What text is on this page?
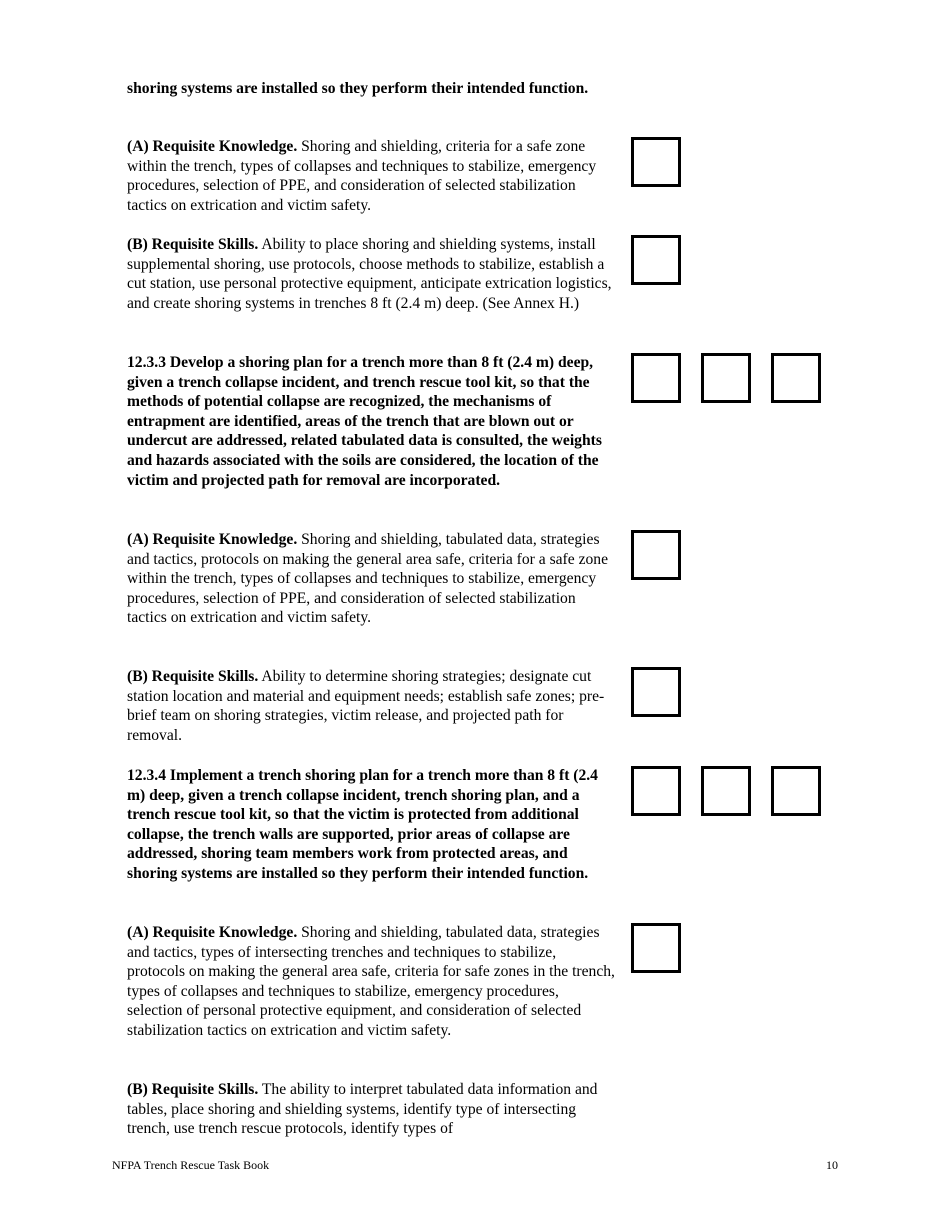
shoring systems are installed so they perform their intended function.
(A) Requisite Knowledge. Shoring and shielding, criteria for a safe zone within the trench, types of collapses and techniques to stabilize, emergency procedures, selection of PPE, and consideration of selected stabilization tactics on extrication and victim safety.
(B) Requisite Skills. Ability to place shoring and shielding systems, install supplemental shoring, use protocols, choose methods to stabilize, establish a cut station, use personal protective equipment, anticipate extrication logistics, and create shoring systems in trenches 8 ft (2.4 m) deep. (See Annex H.)
12.3.3 Develop a shoring plan for a trench more than 8 ft (2.4 m) deep, given a trench collapse incident, and trench rescue tool kit, so that the methods of potential collapse are recognized, the mechanisms of entrapment are identified, areas of the trench that are blown out or undercut are addressed, related tabulated data is consulted, the weights and hazards associated with the soils are considered, the location of the victim and projected path for removal are incorporated.
(A) Requisite Knowledge. Shoring and shielding, tabulated data, strategies and tactics, protocols on making the general area safe, criteria for a safe zone within the trench, types of collapses and techniques to stabilize, emergency procedures, selection of PPE, and consideration of selected stabilization tactics on extrication and victim safety.
(B) Requisite Skills. Ability to determine shoring strategies; designate cut station location and material and equipment needs; establish safe zones; pre-brief team on shoring strategies, victim release, and projected path for removal.
12.3.4 Implement a trench shoring plan for a trench more than 8 ft (2.4 m) deep, given a trench collapse incident, trench shoring plan, and a trench rescue tool kit, so that the victim is protected from additional collapse, the trench walls are supported, prior areas of collapse are addressed, shoring team members work from protected areas, and shoring systems are installed so they perform their intended function.
(A) Requisite Knowledge. Shoring and shielding, tabulated data, strategies and tactics, types of intersecting trenches and techniques to stabilize, protocols on making the general area safe, criteria for safe zones in the trench, types of collapses and techniques to stabilize, emergency procedures, selection of personal protective equipment, and consideration of selected stabilization tactics on extrication and victim safety.
(B) Requisite Skills. The ability to interpret tabulated data information and tables, place shoring and shielding systems, identify type of intersecting trench, use trench rescue protocols, identify types of
NFPA Trench Rescue Task Book	10
